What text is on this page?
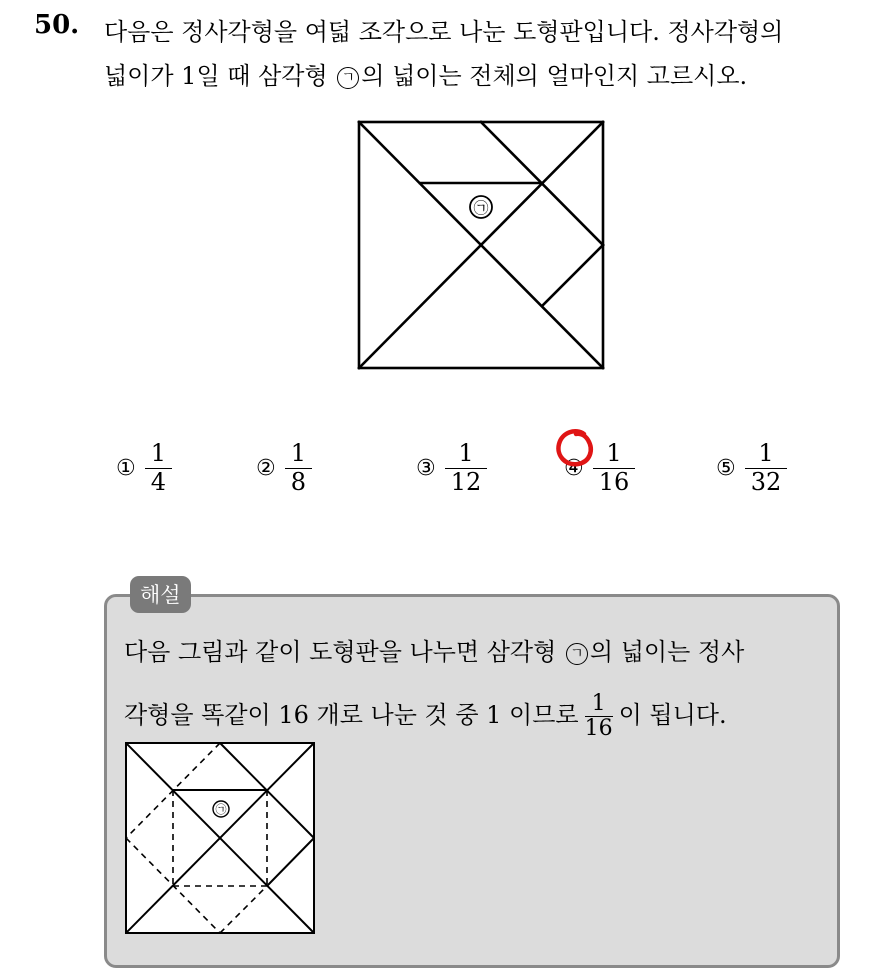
50. 다음은 정사각형을 여덟 조각으로 나눈 도형판입니다. 정사각형의
넓이가 1일 때 삼각형 ㄱ 의 넓이는 전체의 얼마인지 고르시오.
㉠
① $\frac{1}{4}$	② $\frac{1}{8}$	③ $\frac{1}{12}$	④ $\frac{1}{16}$	⑤ $\frac{1}{32}$
해설
다음 그림과 같이 도형판을 나누면 삼각형 ㄱ 의 넓이는 정사
각형을 똑같이 16 개로 나눈 것 중 1 이므로 $\frac{1}{16}$ 이 됩니다.
㉠
